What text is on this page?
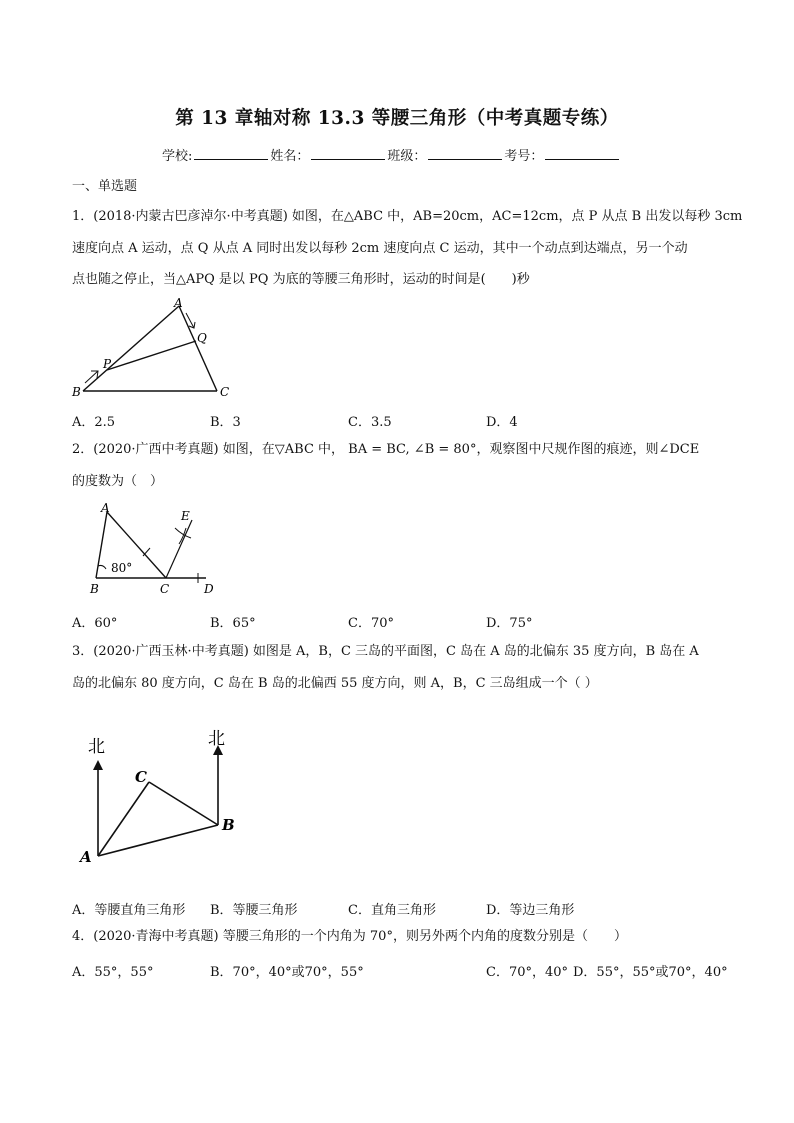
第 13 章轴对称 13.3 等腰三角形（中考真题专练）
学校:	姓名：	班级：	考号：
一、单选题
1．(2018·内蒙古巴彦淖尔·中考真题) 如图，在△ABC 中，AB=20cm，AC=12cm，点 P 从点 B 出发以每秒 3cm
速度向点 A 运动，点 Q 从点 A 同时出发以每秒 2cm 速度向点 C 运动，其中一个动点到达端点，另一个动
点也随之停止，当△APQ 是以 PQ 为底的等腰三角形时，运动的时间是(　　)秒
A
Q
P
B	C
A．2.5	B．3	C．3.5	D．4
2．(2020·广西中考真题) 如图，在▽ABC 中， BA = BC, ∠B = 80°，观察图中尺规作图的痕迹，则∠DCE
的度数为（　）
A
E
80°
B	C	D
A．60°	B．65°	C．70°	D．75°
3．(2020·广西玉林·中考真题) 如图是 A，B，C 三岛的平面图，C 岛在 A 岛的北偏东 35 度方向，B 岛在 A
岛的北偏东 80 度方向，C 岛在 B 岛的北偏西 55 度方向，则 A，B，C 三岛组成一个（ ）
北	北
C
B
A
A．等腰直角三角形 B．等腰三角形	C．直角三角形	D．等边三角形
4．(2020·青海中考真题) 等腰三角形的一个内角为 70°，则另外两个内角的度数分别是（　　）
A．55°，55°	B．70°，40°或70°，55°	C．70°，40° D．55°，55°或70°，40°
